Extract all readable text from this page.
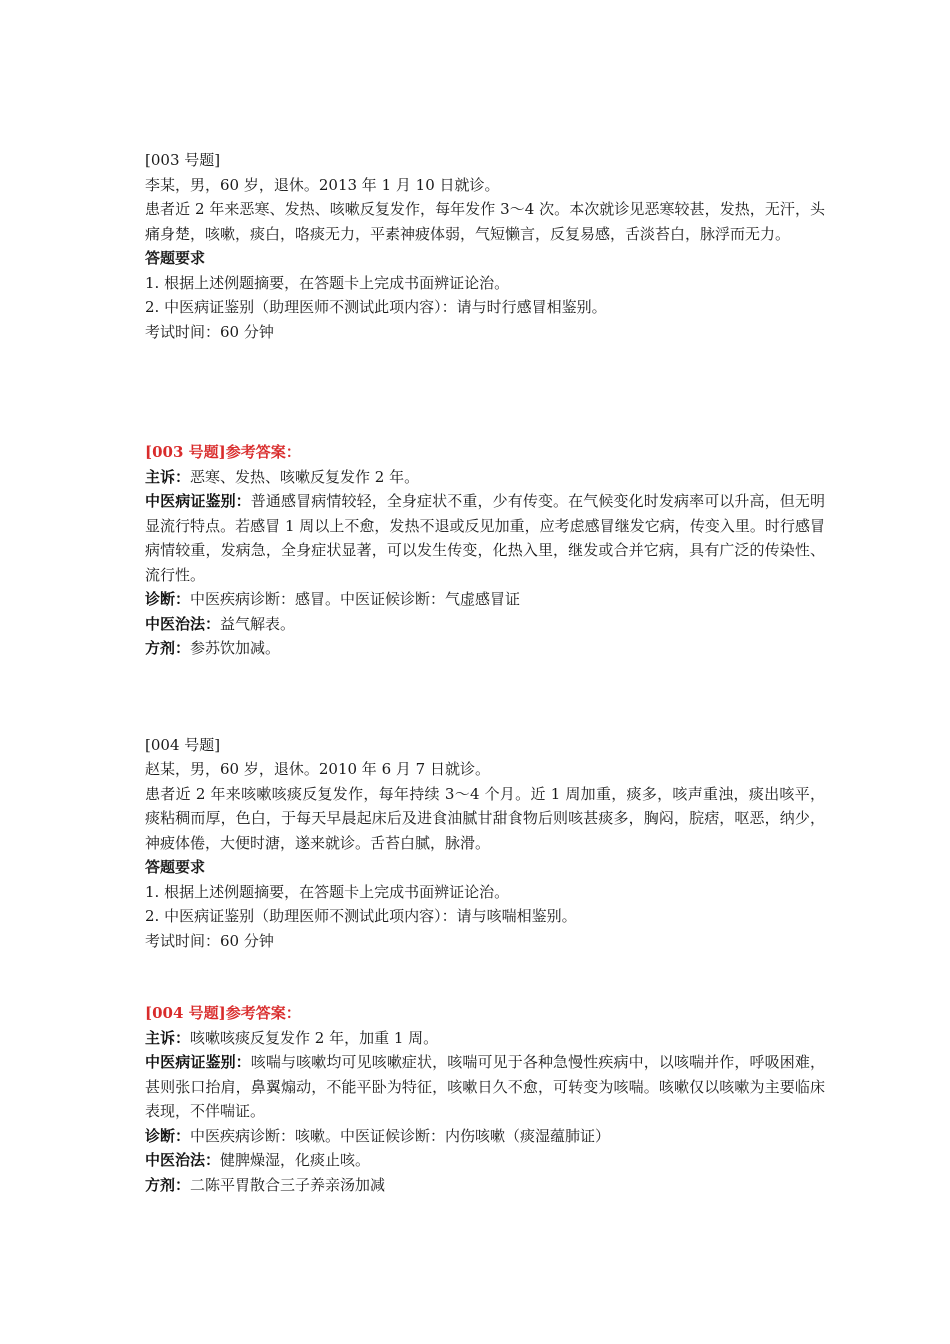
[003 号题]
李某，男，60 岁，退休。2013 年 1 月 10 日就诊。
患者近 2 年来恶寒、发热、咳嗽反复发作，每年发作 3～4 次。本次就诊见恶寒较甚，发热，无汗，头痛身楚，咳嗽，痰白，咯痰无力，平素神疲体弱，气短懒言，反复易感，舌淡苔白，脉浮而无力。
答题要求
1. 根据上述例题摘要，在答题卡上完成书面辨证论治。
2. 中医病证鉴别（助理医师不测试此项内容）：请与时行感冒相鉴别。
考试时间：60 分钟
[003 号题]参考答案：
主诉：恶寒、发热、咳嗽反复发作 2 年。
中医病证鉴别：普通感冒病情较轻，全身症状不重，少有传变。在气候变化时发病率可以升高，但无明显流行特点。若感冒 1 周以上不愈，发热不退或反见加重，应考虑感冒继发它病，传变入里。时行感冒病情较重，发病急，全身症状显著，可以发生传变，化热入里，继发或合并它病，具有广泛的传染性、流行性。
诊断：中医疾病诊断：感冒。中医证候诊断：气虚感冒证
中医治法：益气解表。
方剂：参苏饮加减。
[004 号题]
赵某，男，60 岁，退休。2010 年 6 月 7 日就诊。
患者近 2 年来咳嗽咳痰反复发作，每年持续 3～4 个月。近 1 周加重，痰多，咳声重浊，痰出咳平，痰粘稠而厚，色白，于每天早晨起床后及进食油腻甘甜食物后则咳甚痰多，胸闷，脘痞，呕恶，纳少，神疲体倦，大便时溏，遂来就诊。舌苔白腻，脉滑。
答题要求
1. 根据上述例题摘要，在答题卡上完成书面辨证论治。
2. 中医病证鉴别（助理医师不测试此项内容）：请与咳喘相鉴别。
考试时间：60 分钟
[004 号题]参考答案：
主诉：咳嗽咳痰反复发作 2 年，加重 1 周。
中医病证鉴别：咳喘与咳嗽均可见咳嗽症状，咳喘可见于各种急慢性疾病中，以咳喘并作，呼吸困难，甚则张口抬肩，鼻翼煽动，不能平卧为特征，咳嗽日久不愈，可转变为咳喘。咳嗽仅以咳嗽为主要临床表现，不伴喘证。
诊断：中医疾病诊断：咳嗽。中医证候诊断：内伤咳嗽（痰湿蕴肺证）
中医治法：健脾燥湿，化痰止咳。
方剂：二陈平胃散合三子养亲汤加减
